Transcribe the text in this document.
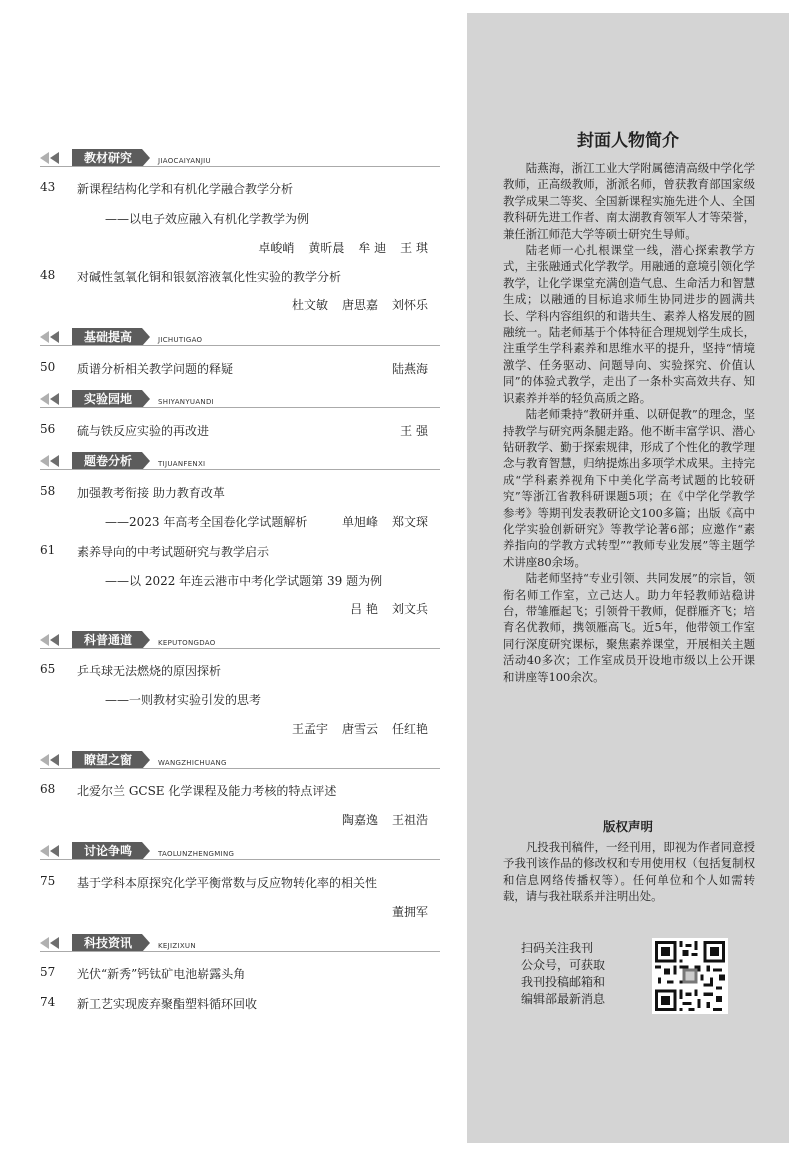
教材研究	JIAOCAIYANJIU
43	新课程结构化学和有机化学融合教学分析
——以电子效应融入有机化学教学为例
卓峻峭 黄昕晨 牟 迪 王 琪
48	对碱性氢氧化铜和银氨溶液氧化性实验的教学分析
杜文敏 唐思嘉 刘怀乐
基础提高	JICHUTIGAO
50	质谱分析相关教学问题的释疑	陆燕海
实验园地	SHIYANYUANDI
56	硫与铁反应实验的再改进	王 强
题卷分析	TIJUANFENXI
58	加强教考衔接 助力教育改革
——2023 年高考全国卷化学试题解析	单旭峰 郑文琛
61	素养导向的中考试题研究与教学启示
——以 2022 年连云港市中考化学试题第 39 题为例
吕 艳 刘文兵
科普通道	KEPUTONGDAO
65	乒乓球无法燃烧的原因探析
——一则教材实验引发的思考
王孟宇 唐雪云 任红艳
瞭望之窗	WANGZHICHUANG
68	北爱尔兰 GCSE 化学课程及能力考核的特点评述
陶嘉逸 王祖浩
讨论争鸣	TAOLUNZHENGMING
75	基于学科本原探究化学平衡常数与反应物转化率的相关性
董拥军
科技资讯	KEJIZIXUN
57	光伏“新秀”钙钛矿电池崭露头角
74	新工艺实现废弃聚酯塑料循环回收
封面人物简介

陆燕海，浙江工业大学附属德清高级中学化学教师，正高级教师，浙派名师，曾获教育部国家级教学成果二等奖、全国新课程实施先进个人、全国教科研先进工作者、南太湖教育领军人才等荣誉，兼任浙江师范大学等硕士研究生导师。

陆老师一心扎根课堂一线，潜心探索教学方式，主张融通式化学教学。用融通的意境引领化学教学，让化学课堂充满创造气息、生命活力和智慧生成；以融通的目标追求师生协同进步的圆满共长、学科内容组织的和谐共生、素养人格发展的圆融统一。陆老师基于个体特征合理规划学生成长，注重学生学科素养和思维水平的提升，坚持“情境激学、任务驱动、问题导向、实验探究、价值认同”的体验式教学，走出了一条朴实高效共存、知识素养并举的轻负高质之路。

陆老师秉持“教研并重、以研促教”的理念，坚持教学与研究两条腿走路。他不断丰富学识、潜心钻研教学、勤于探索规律，形成了个性化的教学理念与教育智慧，归纳提炼出多项学术成果。主持完成“学科素养视角下中美化学高考试题的比较研究”等浙江省教科研课题5项；在《中学化学教学参考》等期刊发表教研论文100多篇；出版《高中化学实验创新研究》等教学论著6部；应邀作“素养指向的学教方式转型”“教师专业发展”等主题学术讲座80余场。

陆老师坚持“专业引领、共同发展”的宗旨，领衔名师工作室，立己达人。助力年轻教师站稳讲台，带雏雁起飞；引领骨干教师，促群雁齐飞；培育名优教师，携领雁高飞。近5年，他带领工作室同行深度研究课标，聚焦素养课堂，开展相关主题活动40多次；工作室成员开设地市级以上公开课和讲座等100余次。

版权声明

凡投我刊稿件，一经刊用，即视为作者同意授予我刊该作品的修改权和专用使用权（包括复制权和信息网络传播权等）。任何单位和个人如需转载，请与我社联系并注明出处。

扫码关注我刊
公众号，可获取
我刊投稿邮箱和
编辑部最新消息
